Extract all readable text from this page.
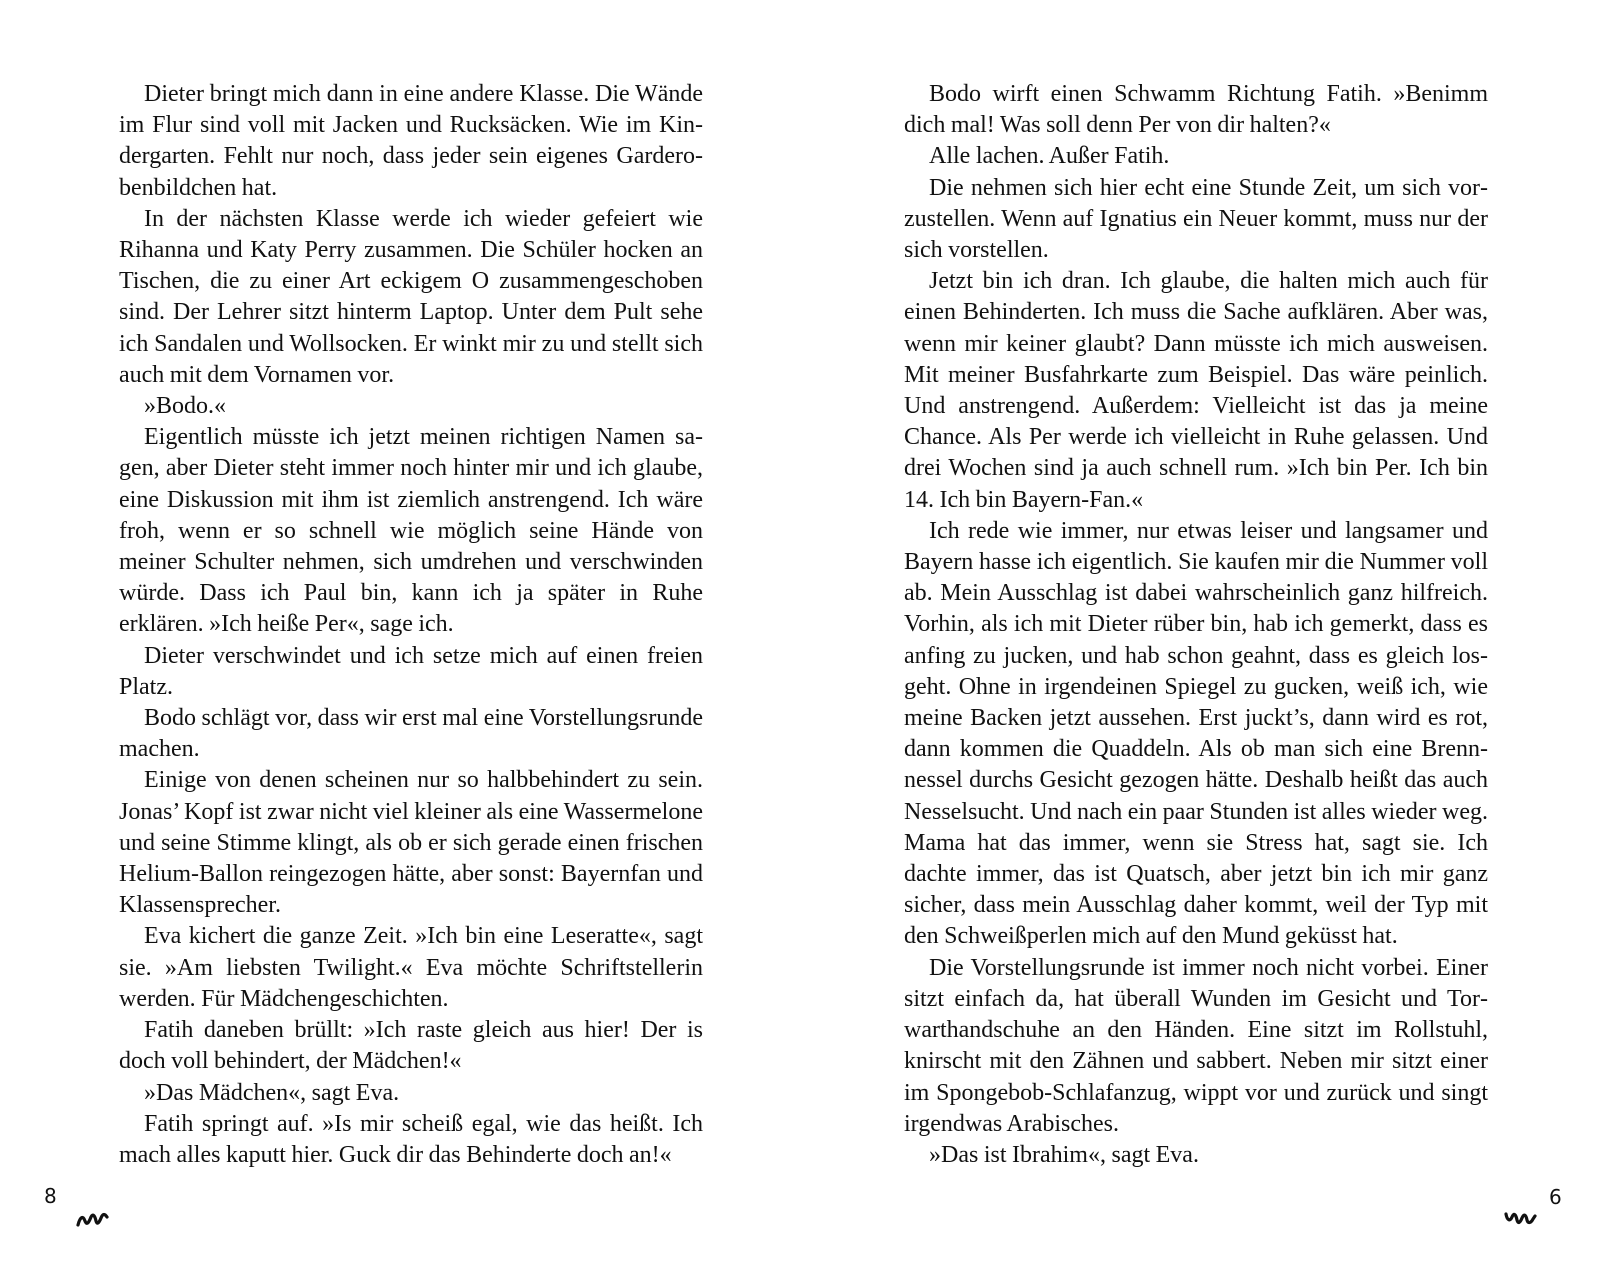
Dieter bringt mich dann in eine andere Klasse. Die Wände im Flur sind voll mit Jacken und Rucksäcken. Wie im Kindergarten. Fehlt nur noch, dass jeder sein eigenes Garderobenbildchen hat.

In der nächsten Klasse werde ich wieder gefeiert wie Rihanna und Katy Perry zusammen. Die Schüler hocken an Tischen, die zu einer Art eckigem O zusammengeschoben sind. Der Lehrer sitzt hinterm Laptop. Unter dem Pult sehe ich Sandalen und Wollsocken. Er winkt mir zu und stellt sich auch mit dem Vornamen vor.

»Bodo.«

Eigentlich müsste ich jetzt meinen richtigen Namen sagen, aber Dieter steht immer noch hinter mir und ich glaube, eine Diskussion mit ihm ist ziemlich anstrengend. Ich wäre froh, wenn er so schnell wie möglich seine Hände von meiner Schulter nehmen, sich umdrehen und verschwinden würde. Dass ich Paul bin, kann ich ja später in Ruhe erklären. »Ich heiße Per«, sage ich.

Dieter verschwindet und ich setze mich auf einen freien Platz.

Bodo schlägt vor, dass wir erst mal eine Vorstellungsrunde machen.

Einige von denen scheinen nur so halbbehindert zu sein. Jonas’ Kopf ist zwar nicht viel kleiner als eine Wassermelone und seine Stimme klingt, als ob er sich gerade einen frischen Helium-Ballon reingezogen hätte, aber sonst: Bayernfan und Klassensprecher.

Eva kichert die ganze Zeit. »Ich bin eine Leseratte«, sagt sie. »Am liebsten Twilight.« Eva möchte Schriftstellerin werden. Für Mädchengeschichten.

Fatih daneben brüllt: »Ich raste gleich aus hier! Der is doch voll behindert, der Mädchen!«

»Das Mädchen«, sagt Eva.

Fatih springt auf. »Is mir scheiß egal, wie das heißt. Ich mach alles kaputt hier. Guck dir das Behinderte doch an!«

8

Bodo wirft einen Schwamm Richtung Fatih. »Benimm dich mal! Was soll denn Per von dir halten?«

Alle lachen. Außer Fatih.

Die nehmen sich hier echt eine Stunde Zeit, um sich vorzustellen. Wenn auf Ignatius ein Neuer kommt, muss nur der sich vorstellen.

Jetzt bin ich dran. Ich glaube, die halten mich auch für einen Behinderten. Ich muss die Sache aufklären. Aber was, wenn mir keiner glaubt? Dann müsste ich mich ausweisen. Mit meiner Busfahrkarte zum Beispiel. Das wäre peinlich. Und anstrengend. Außerdem: Vielleicht ist das ja meine Chance. Als Per werde ich vielleicht in Ruhe gelassen. Und drei Wochen sind ja auch schnell rum. »Ich bin Per. Ich bin 14. Ich bin Bayern-Fan.«

Ich rede wie immer, nur etwas leiser und langsamer und Bayern hasse ich eigentlich. Sie kaufen mir die Nummer voll ab. Mein Ausschlag ist dabei wahrscheinlich ganz hilfreich. Vorhin, als ich mit Dieter rüber bin, hab ich gemerkt, dass es anfing zu jucken, und hab schon geahnt, dass es gleich losgeht. Ohne in irgendeinen Spiegel zu gucken, weiß ich, wie meine Backen jetzt aussehen. Erst juckt’s, dann wird es rot, dann kommen die Quaddeln. Als ob man sich eine Brennnessel durchs Gesicht gezogen hätte. Deshalb heißt das auch Nesselsucht. Und nach ein paar Stunden ist alles wieder weg. Mama hat das immer, wenn sie Stress hat, sagt sie. Ich dachte immer, das ist Quatsch, aber jetzt bin ich mir ganz sicher, dass mein Ausschlag daher kommt, weil der Typ mit den Schweißperlen mich auf den Mund geküsst hat.

Die Vorstellungsrunde ist immer noch nicht vorbei. Einer sitzt einfach da, hat überall Wunden im Gesicht und Torwarthandschuhe an den Händen. Eine sitzt im Rollstuhl, knirscht mit den Zähnen und sabbert. Neben mir sitzt einer im Spongebob-Schlafanzug, wippt vor und zurück und singt irgendwas Arabisches.

»Das ist Ibrahim«, sagt Eva.

9
